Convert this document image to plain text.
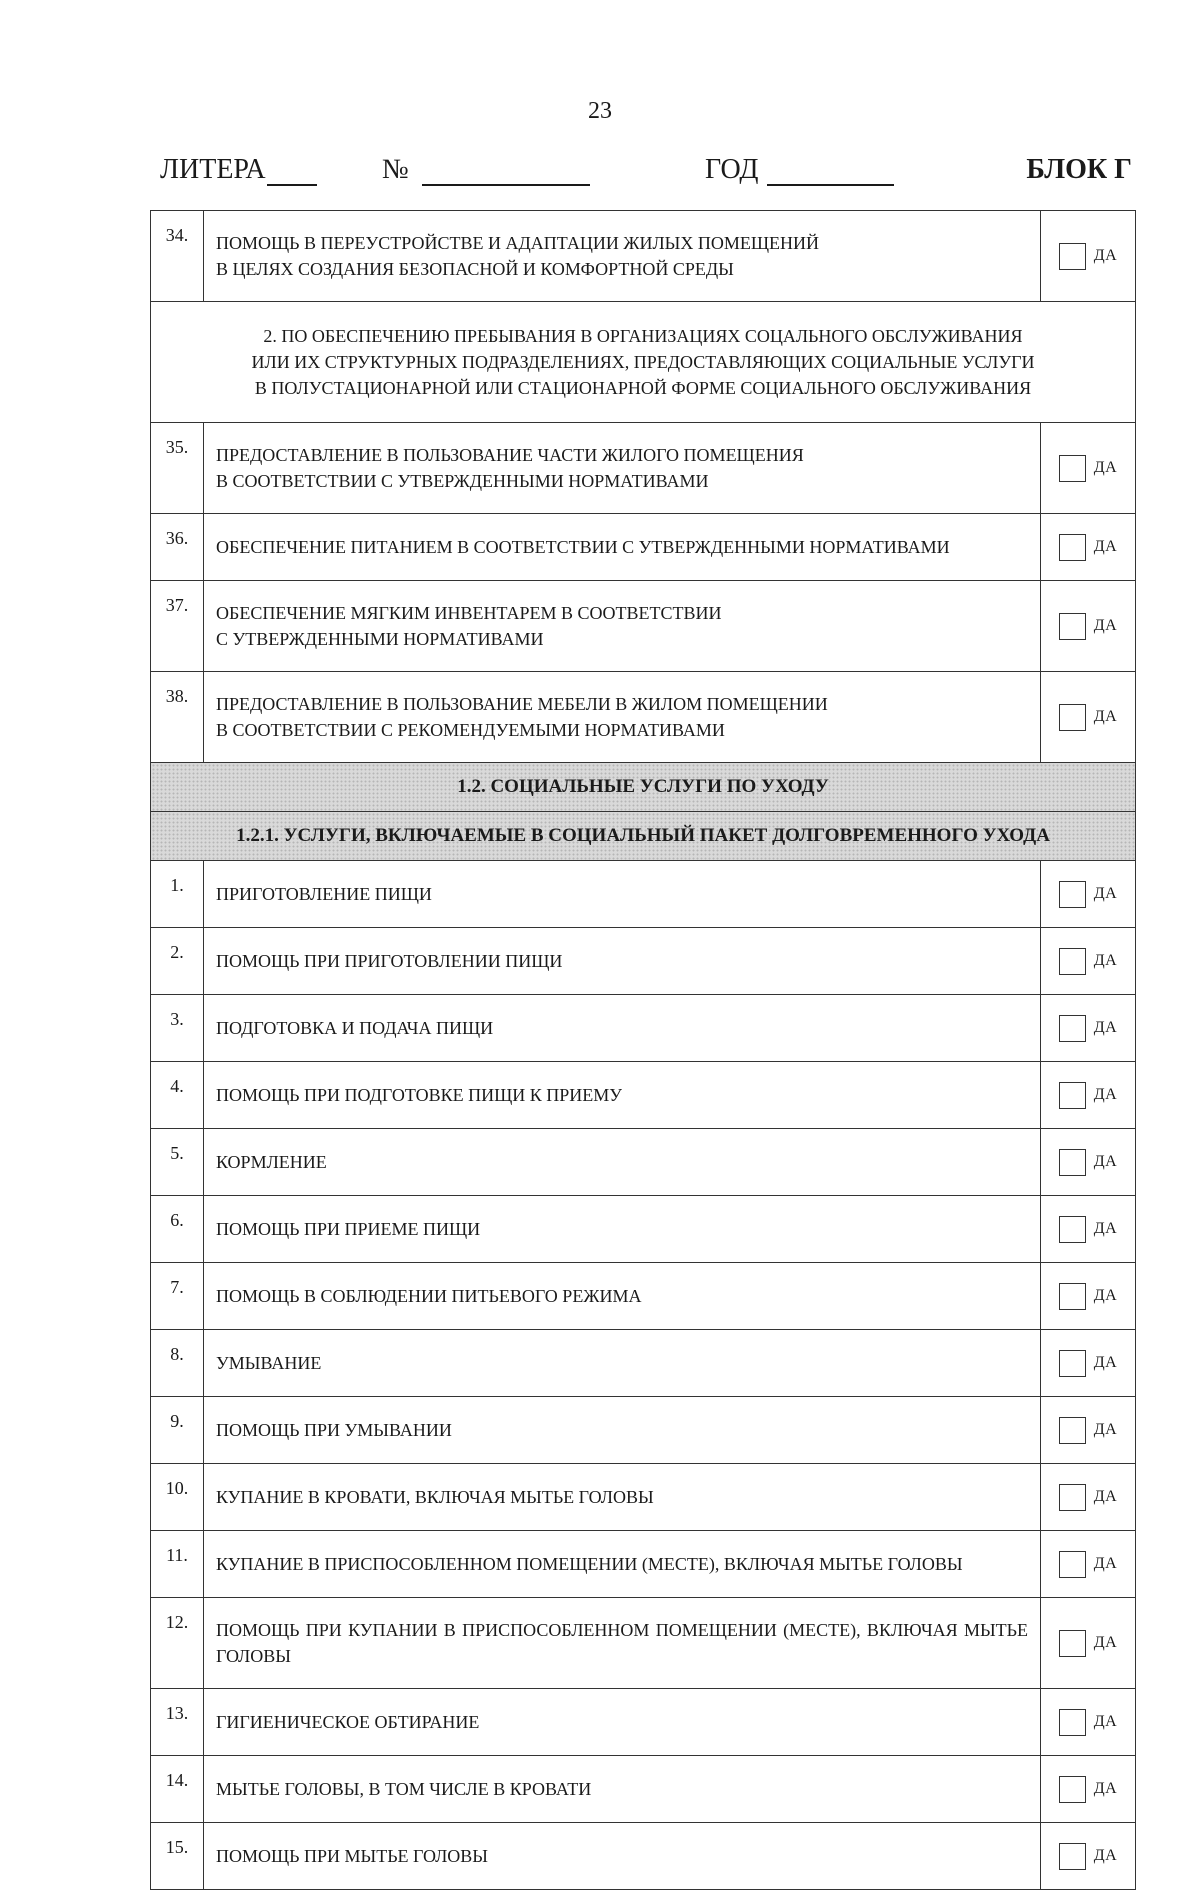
23
ЛИТЕРА	№	ГОД	БЛОК Г
34.	ПОМОЩЬ В ПЕРЕУСТРОЙСТВЕ И АДАПТАЦИИ ЖИЛЫХ ПОМЕЩЕНИЙ
В ЦЕЛЯХ СОЗДАНИЯ БЕЗОПАСНОЙ И КОМФОРТНОЙ СРЕДЫ	ДА

2. ПО ОБЕСПЕЧЕНИЮ ПРЕБЫВАНИЯ В ОРГАНИЗАЦИЯХ СОЦАЛЬНОГО ОБСЛУЖИВАНИЯ
ИЛИ ИХ СТРУКТУРНЫХ ПОДРАЗДЕЛЕНИЯХ, ПРЕДОСТАВЛЯЮЩИХ СОЦИАЛЬНЫЕ УСЛУГИ
В ПОЛУСТАЦИОНАРНОЙ ИЛИ СТАЦИОНАРНОЙ ФОРМЕ СОЦИАЛЬНОГО ОБСЛУЖИВАНИЯ		
35.	ПРЕДОСТАВЛЕНИЕ В ПОЛЬЗОВАНИЕ ЧАСТИ ЖИЛОГО ПОМЕЩЕНИЯ
В СООТВЕТСТВИИ С УТВЕРЖДЕННЫМИ НОРМАТИВАМИ	ДА

36.	ОБЕСПЕЧЕНИЕ ПИТАНИЕМ В СООТВЕТСТВИИ С УТВЕРЖДЕННЫМИ НОРМАТИВАМИ	ДА

37.	ОБЕСПЕЧЕНИЕ МЯГКИМ ИНВЕНТАРЕМ В СООТВЕТСТВИИ
С УТВЕРЖДЕННЫМИ НОРМАТИВАМИ	ДА

38.	ПРЕДОСТАВЛЕНИЕ В ПОЛЬЗОВАНИЕ МЕБЕЛИ В ЖИЛОМ ПОМЕЩЕНИИ
В СООТВЕТСТВИИ С РЕКОМЕНДУЕМЫМИ НОРМАТИВАМИ	ДА

1.2. СОЦИАЛЬНЫЕ УСЛУГИ ПО УХОДУ		
1.2.1. УСЛУГИ, ВКЛЮЧАЕМЫЕ В СОЦИАЛЬНЫЙ ПАКЕТ ДОЛГОВРЕМЕННОГО УХОДА		
1.	ПРИГОТОВЛЕНИЕ ПИЩИ	ДА

2.	ПОМОЩЬ ПРИ ПРИГОТОВЛЕНИИ ПИЩИ	ДА

3.	ПОДГОТОВКА И ПОДАЧА ПИЩИ	ДА

4.	ПОМОЩЬ ПРИ ПОДГОТОВКЕ ПИЩИ К ПРИЕМУ	ДА

5.	КОРМЛЕНИЕ	ДА

6.	ПОМОЩЬ ПРИ ПРИЕМЕ ПИЩИ	ДА

7.	ПОМОЩЬ В СОБЛЮДЕНИИ ПИТЬЕВОГО РЕЖИМА	ДА

8.	УМЫВАНИЕ	ДА

9.	ПОМОЩЬ ПРИ УМЫВАНИИ	ДА

10.	КУПАНИЕ В КРОВАТИ, ВКЛЮЧАЯ МЫТЬЕ ГОЛОВЫ	ДА

11.	КУПАНИЕ В ПРИСПОСОБЛЕННОМ ПОМЕЩЕНИИ (МЕСТЕ), ВКЛЮЧАЯ МЫТЬЕ ГОЛОВЫ	ДА

12.	ПОМОЩЬ ПРИ КУПАНИИ В ПРИСПОСОБЛЕННОМ ПОМЕЩЕНИИ (МЕСТЕ), ВКЛЮЧАЯ МЫТЬЕ ГОЛОВЫ	ДА

13.	ГИГИЕНИЧЕСКОЕ ОБТИРАНИЕ	ДА

14.	МЫТЬЕ ГОЛОВЫ, В ТОМ ЧИСЛЕ В КРОВАТИ	ДА

15.	ПОМОЩЬ ПРИ МЫТЬЕ ГОЛОВЫ	ДА
